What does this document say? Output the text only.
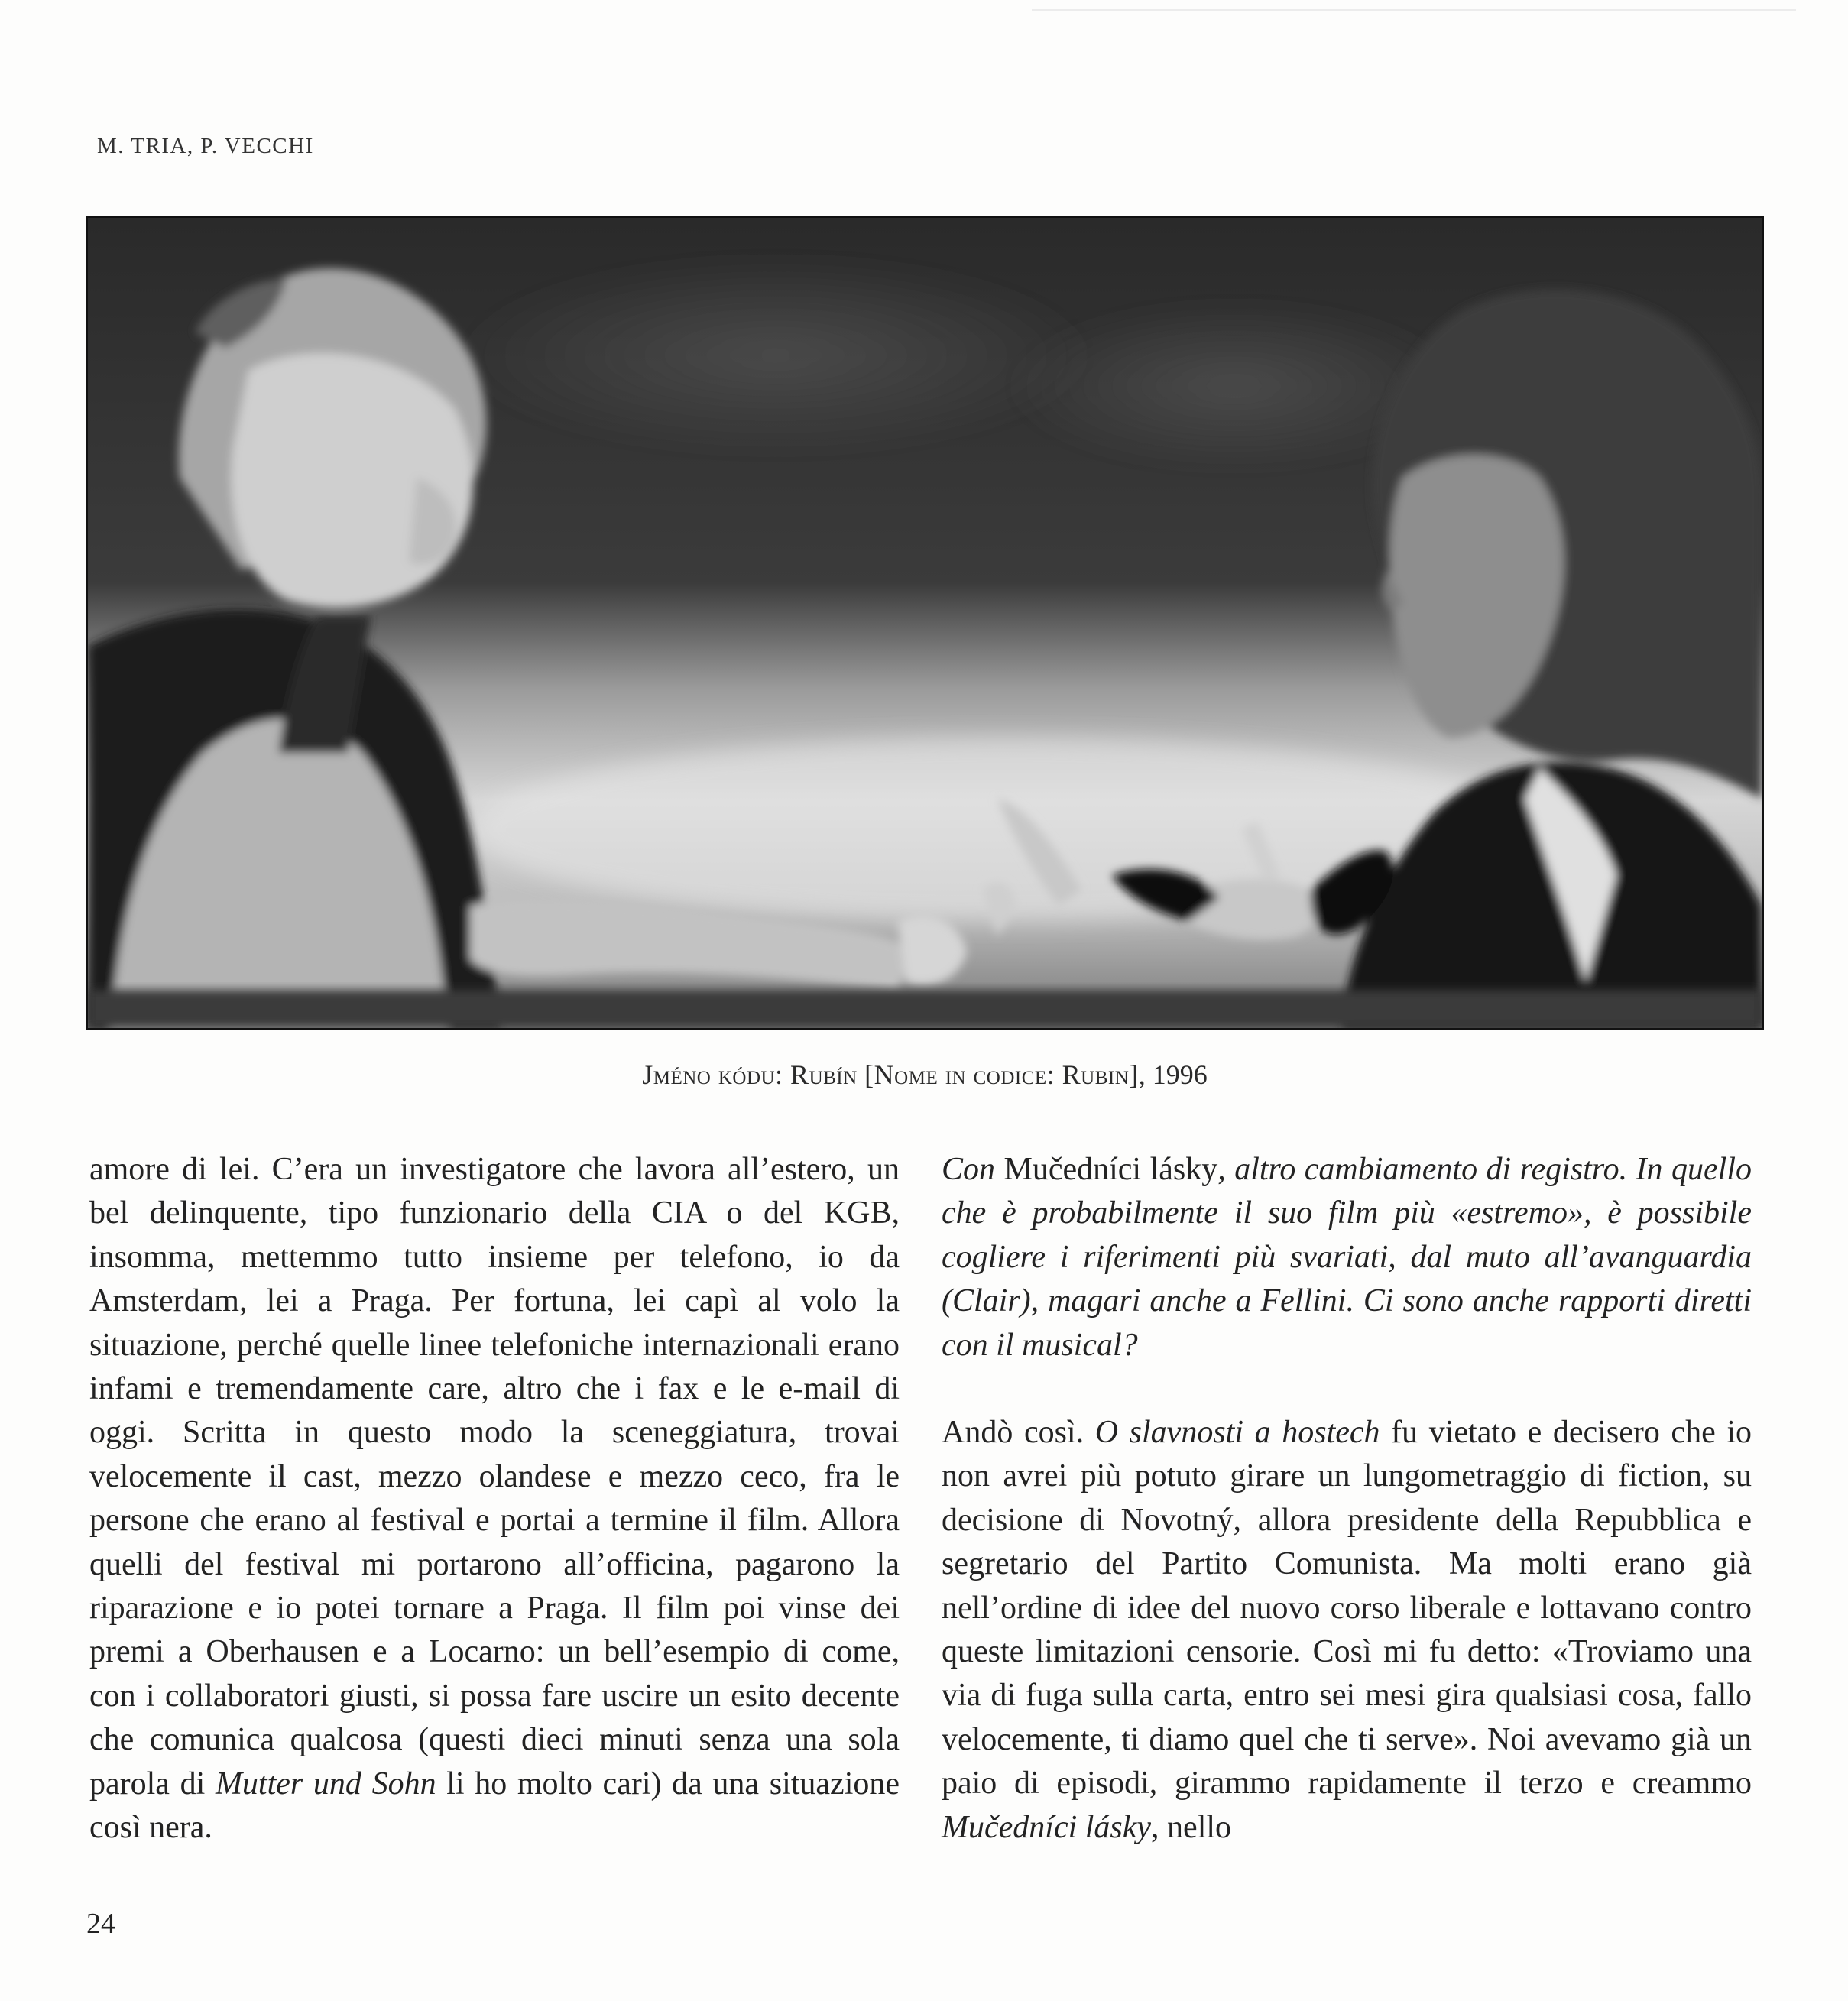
M. TRIA, P. VECCHI
Jméno kódu: Rubín [Nome in codice: Rubin], 1996

amore di lei. C’era un investigatore che lavora all’estero, un bel delinquente, tipo funzionario della CIA o del KGB, insomma, mettemmo tutto insieme per telefono, io da Amsterdam, lei a Praga. Per fortuna, lei capì al volo la situazione, perché quelle linee telefoniche internazionali erano infami e tremendamente care, altro che i fax e le e-mail di oggi. Scritta in questo modo la sceneggiatura, trovai velocemente il cast, mezzo olandese e mezzo ceco, fra le persone che erano al festival e portai a termine il film. Allora quelli del festival mi portarono all’officina, pagarono la riparazione e io potei tornare a Praga. Il film poi vinse dei premi a Oberhausen e a Locarno: un bell’esempio di come, con i collaboratori giusti, si possa fare uscire un esito decente che comunica qualcosa (questi dieci minuti senza una sola parola di Mutter und Sohn li ho molto cari) da una situazione così nera.

Con Mučedníci lásky, altro cambiamento di registro. In quello che è probabilmente il suo film più «estremo», è possibile cogliere i riferimenti più svariati, dal muto all’avanguardia (Clair), magari anche a Fellini. Ci sono anche rapporti diretti con il musical?

Andò così. O slavnosti a hostech fu vietato e decisero che io non avrei più potuto girare un lungometraggio di fiction, su decisione di Novotný, allora presidente della Repubblica e segretario del Partito Comunista. Ma molti erano già nell’ordine di idee del nuovo corso liberale e lottavano contro queste limitazioni censorie. Così mi fu detto: «Troviamo una via di fuga sulla carta, entro sei mesi gira qualsiasi cosa, fallo velocemente, ti diamo quel che ti serve». Noi avevamo già un paio di episodi, girammo rapidamente il terzo e creammo Mučedníci lásky, nello

24
